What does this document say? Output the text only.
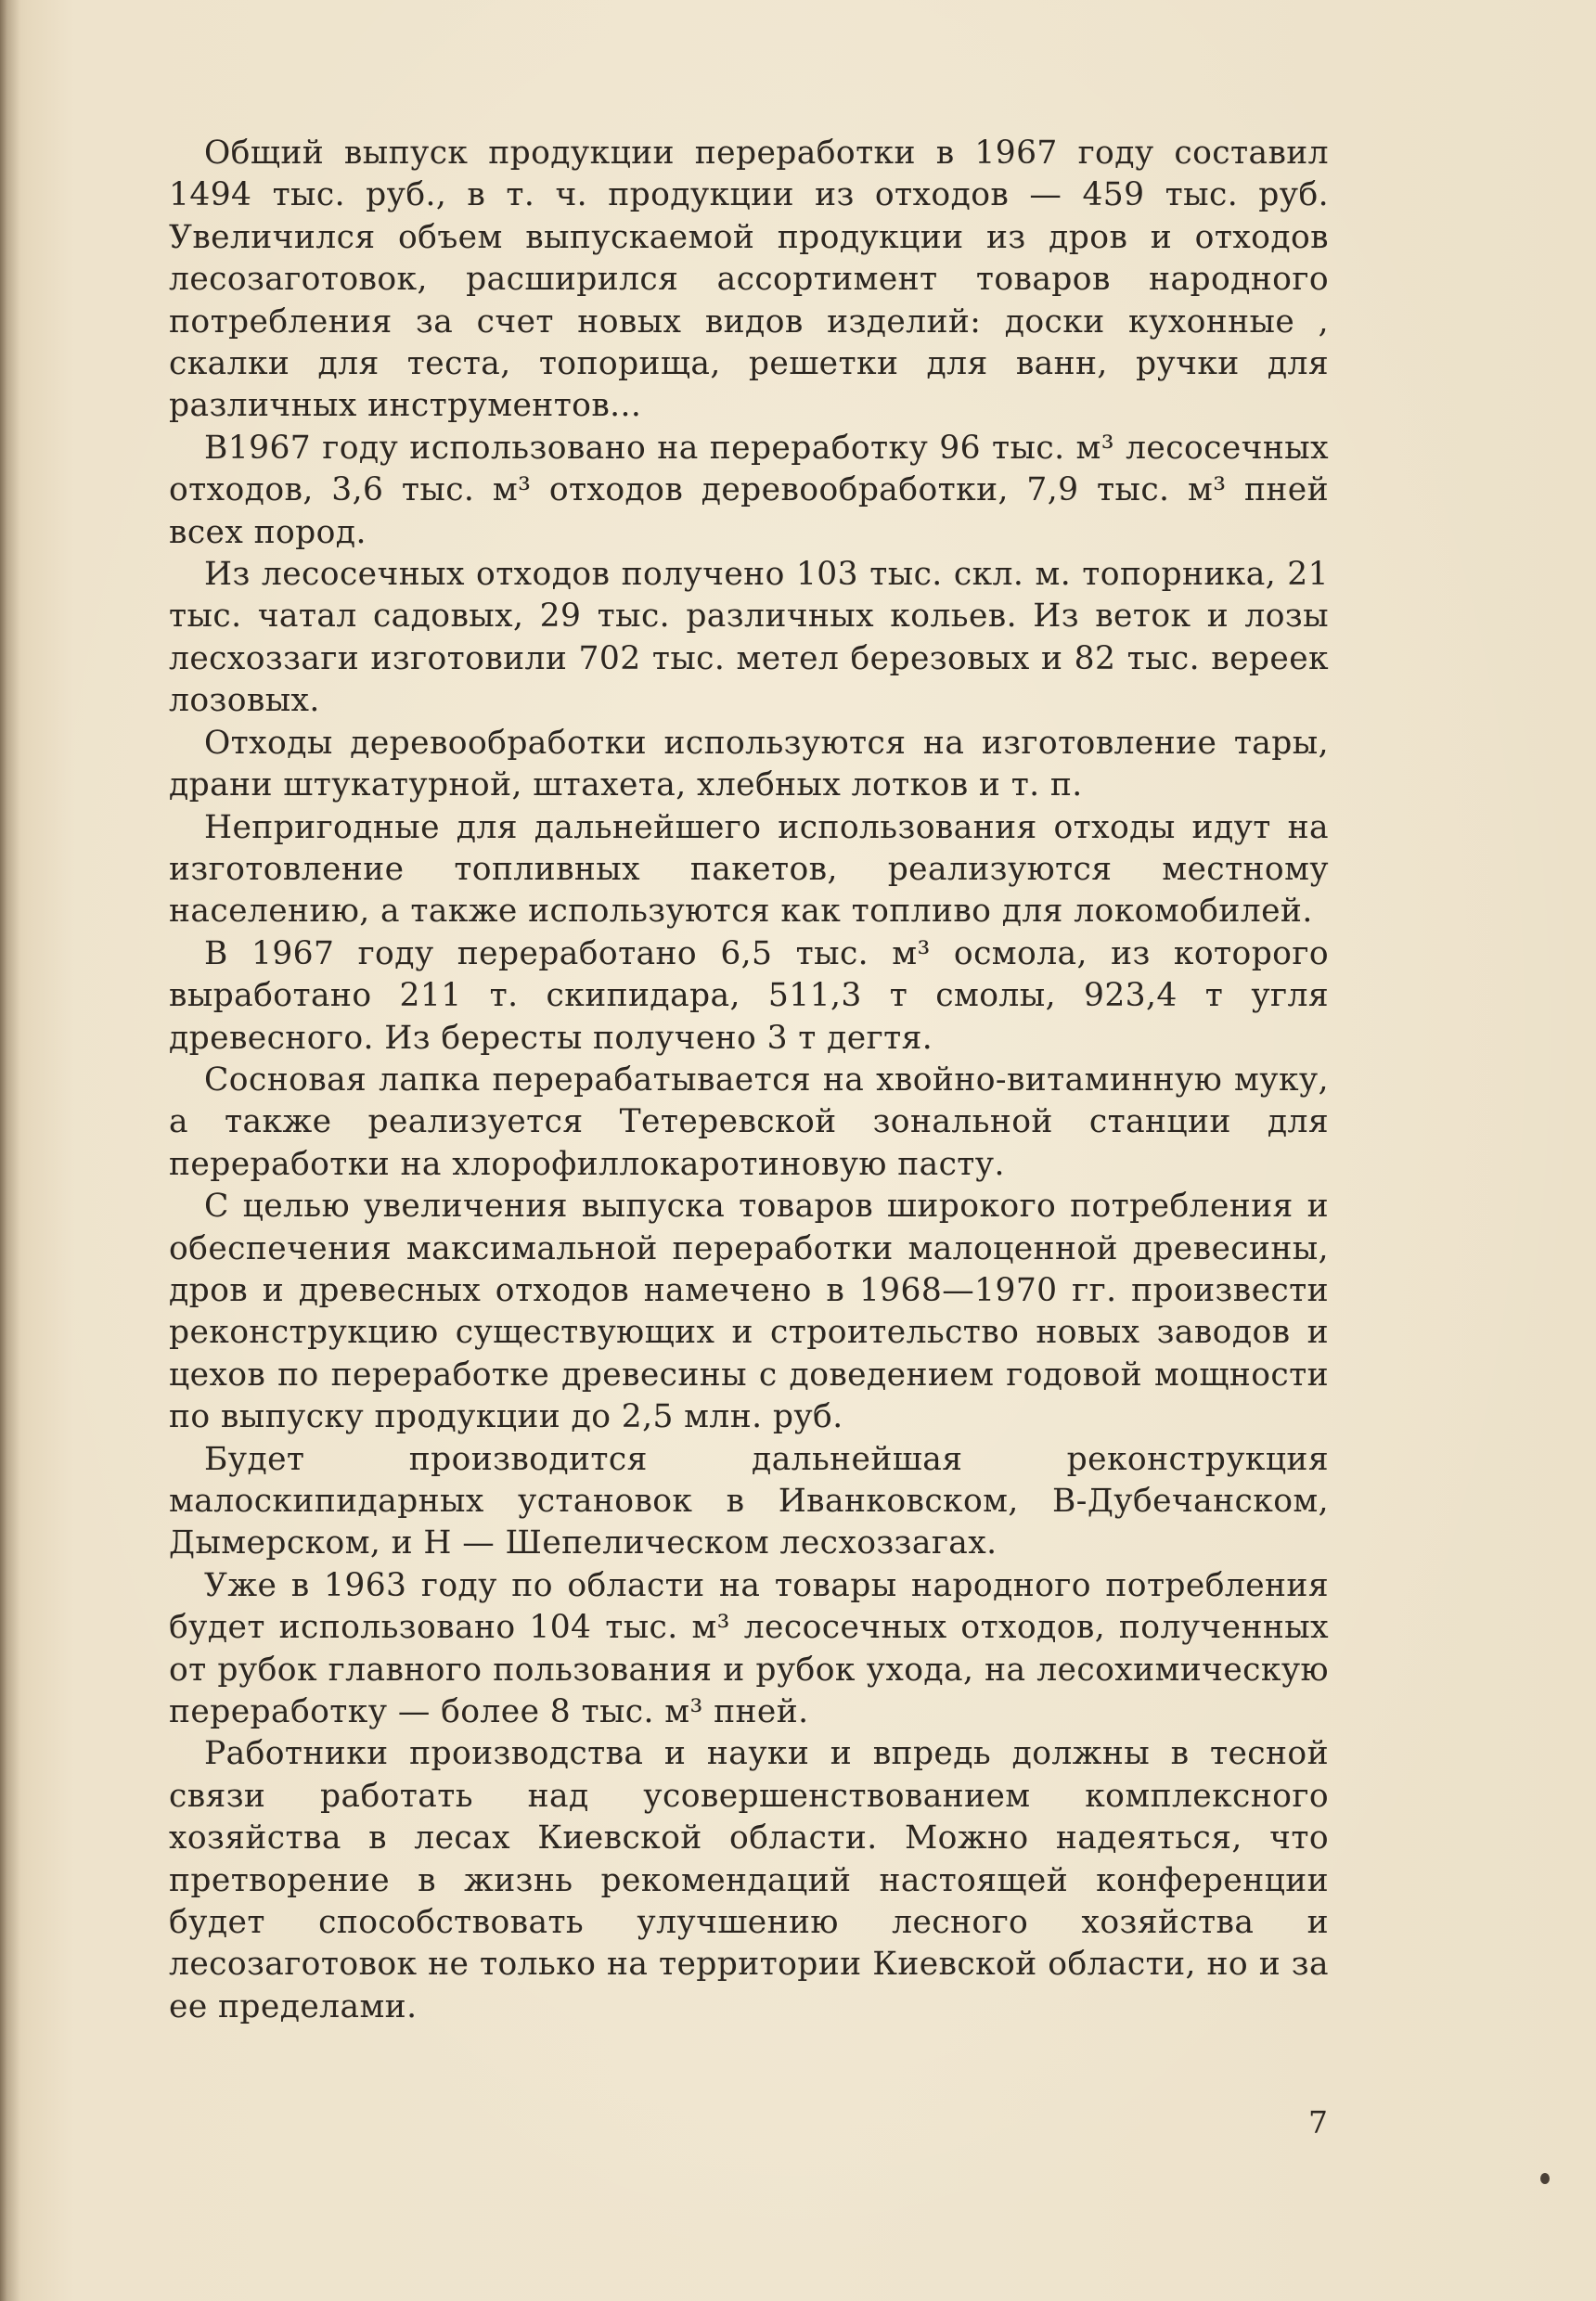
Общий выпуск продукции переработки в 1967 году составил 1494 тыс. руб., в т. ч. продукции из отходов — 459 тыс. руб. Увеличился объем выпускаемой продукции из дров и отходов лесозаготовок, расширился ассортимент товаров народного потребления за счет новых видов изделий: доски кухонные , скалки для теста, топорища, решетки для ванн, ручки для различных инструментов...

В1967 году использовано на переработку 96 тыс. м³ лесосечных отходов, 3,6 тыс. м³ отходов деревообработки, 7,9 тыс. м³ пней всех пород.

Из лесосечных отходов получено 103 тыс. скл. м. топорника, 21 тыс. чатал садовых, 29 тыс. различных кольев. Из веток и лозы лесхоззаги изготовили 702 тыс. метел березовых и 82 тыс. вереек лозовых.

Отходы деревообработки используются на изготовление тары, драни штукатурной, штахета, хлебных лотков и т. п.

Непригодные для дальнейшего использования отходы идут на изготовление топливных пакетов, реализуются местному населению, а также используются как топливо для локомобилей.

В 1967 году переработано 6,5 тыс. м³ осмола, из которого выработано 211 т. скипидара, 511,3 т смолы, 923,4 т угля древесного. Из бересты получено 3 т дегтя.

Сосновая лапка перерабатывается на хвойно-витаминную муку, а также реализуется Тетеревской зональной станции для переработки на хлорофиллокаротиновую пасту.

С целью увеличения выпуска товаров широкого потребления и обеспечения максимальной переработки малоценной древесины, дров и древесных отходов намечено в 1968—1970 гг. произвести реконструкцию существующих и строительство новых заводов и цехов по переработке древесины с доведением годовой мощности по выпуску продукции до 2,5 млн. руб.

Будет производится дальнейшая реконструкция малоскипидарных установок в Иванковском, В-Дубечанском, Дымерском, и Н — Шепелическом лесхоззагах.

Уже в 1963 году по области на товары народного потребления будет использовано 104 тыс. м³ лесосечных отходов, полученных от рубок главного пользования и рубок ухода, на лесохимическую переработку — более 8 тыс. м³ пней.

Работники производства и науки и впредь должны в тесной связи работать над усовершенствованием комплексного хозяйства в лесах Киевской области. Можно надеяться, что претворение в жизнь рекомендаций настоящей конференции будет способствовать улучшению лесного хозяйства и лесозаготовок не только на территории Киевской области, но и за ее пределами.

7
